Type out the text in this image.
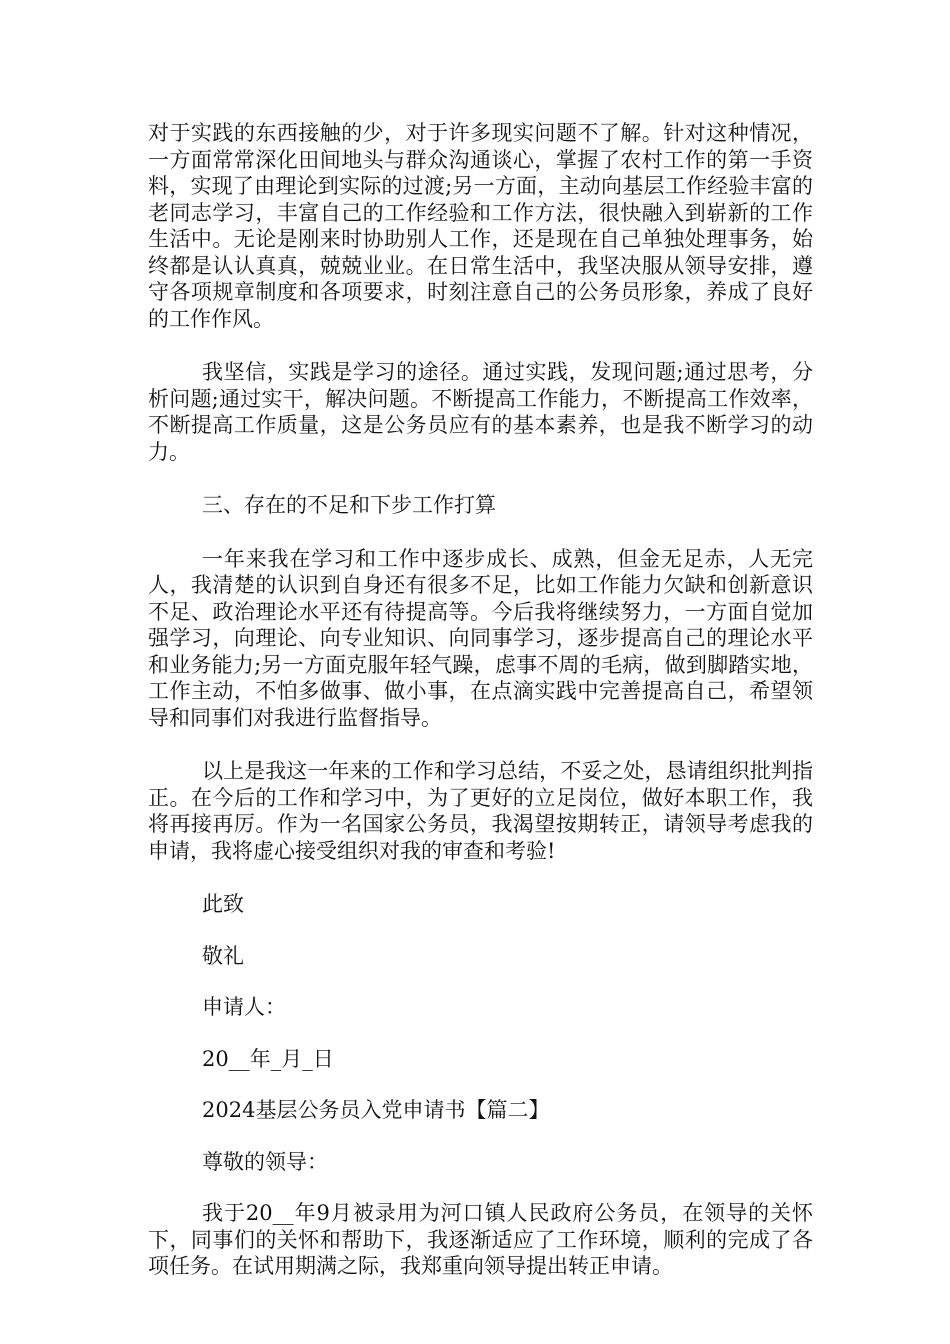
对于实践的东西接触的少，对于许多现实问题不了解。针对这种情况，一方面常常深化田间地头与群众沟通谈心，掌握了农村工作的第一手资料，实现了由理论到实际的过渡;另一方面，主动向基层工作经验丰富的老同志学习，丰富自己的工作经验和工作方法，很快融入到崭新的工作生活中。无论是刚来时协助别人工作，还是现在自己单独处理事务，始终都是认认真真，兢兢业业。在日常生活中，我坚决服从领导安排，遵守各项规章制度和各项要求，时刻注意自己的公务员形象，养成了良好的工作作风。

我坚信，实践是学习的途径。通过实践，发现问题;通过思考，分析问题;通过实干，解决问题。不断提高工作能力，不断提高工作效率，不断提高工作质量，这是公务员应有的基本素养，也是我不断学习的动力。

三、存在的不足和下步工作打算

一年来我在学习和工作中逐步成长、成熟，但金无足赤，人无完人，我清楚的认识到自身还有很多不足，比如工作能力欠缺和创新意识不足、政治理论水平还有待提高等。今后我将继续努力，一方面自觉加强学习，向理论、向专业知识、向同事学习，逐步提高自己的理论水平和业务能力;另一方面克服年轻气躁，虑事不周的毛病，做到脚踏实地，工作主动，不怕多做事、做小事，在点滴实践中完善提高自己，希望领导和同事们对我进行监督指导。

以上是我这一年来的工作和学习总结，不妥之处，恳请组织批判指正。在今后的工作和学习中，为了更好的立足岗位，做好本职工作，我将再接再厉。作为一名国家公务员，我渴望按期转正，请领导考虑我的申请，我将虚心接受组织对我的审查和考验!

此致

敬礼

申请人：

20__年_月_日

2024基层公务员入党申请书【篇二】

尊敬的领导：

我于20__年9月被录用为河口镇人民政府公务员，在领导的关怀下，同事们的关怀和帮助下，我逐渐适应了工作环境，顺利的完成了各项任务。在试用期满之际，我郑重向领导提出转正申请。
